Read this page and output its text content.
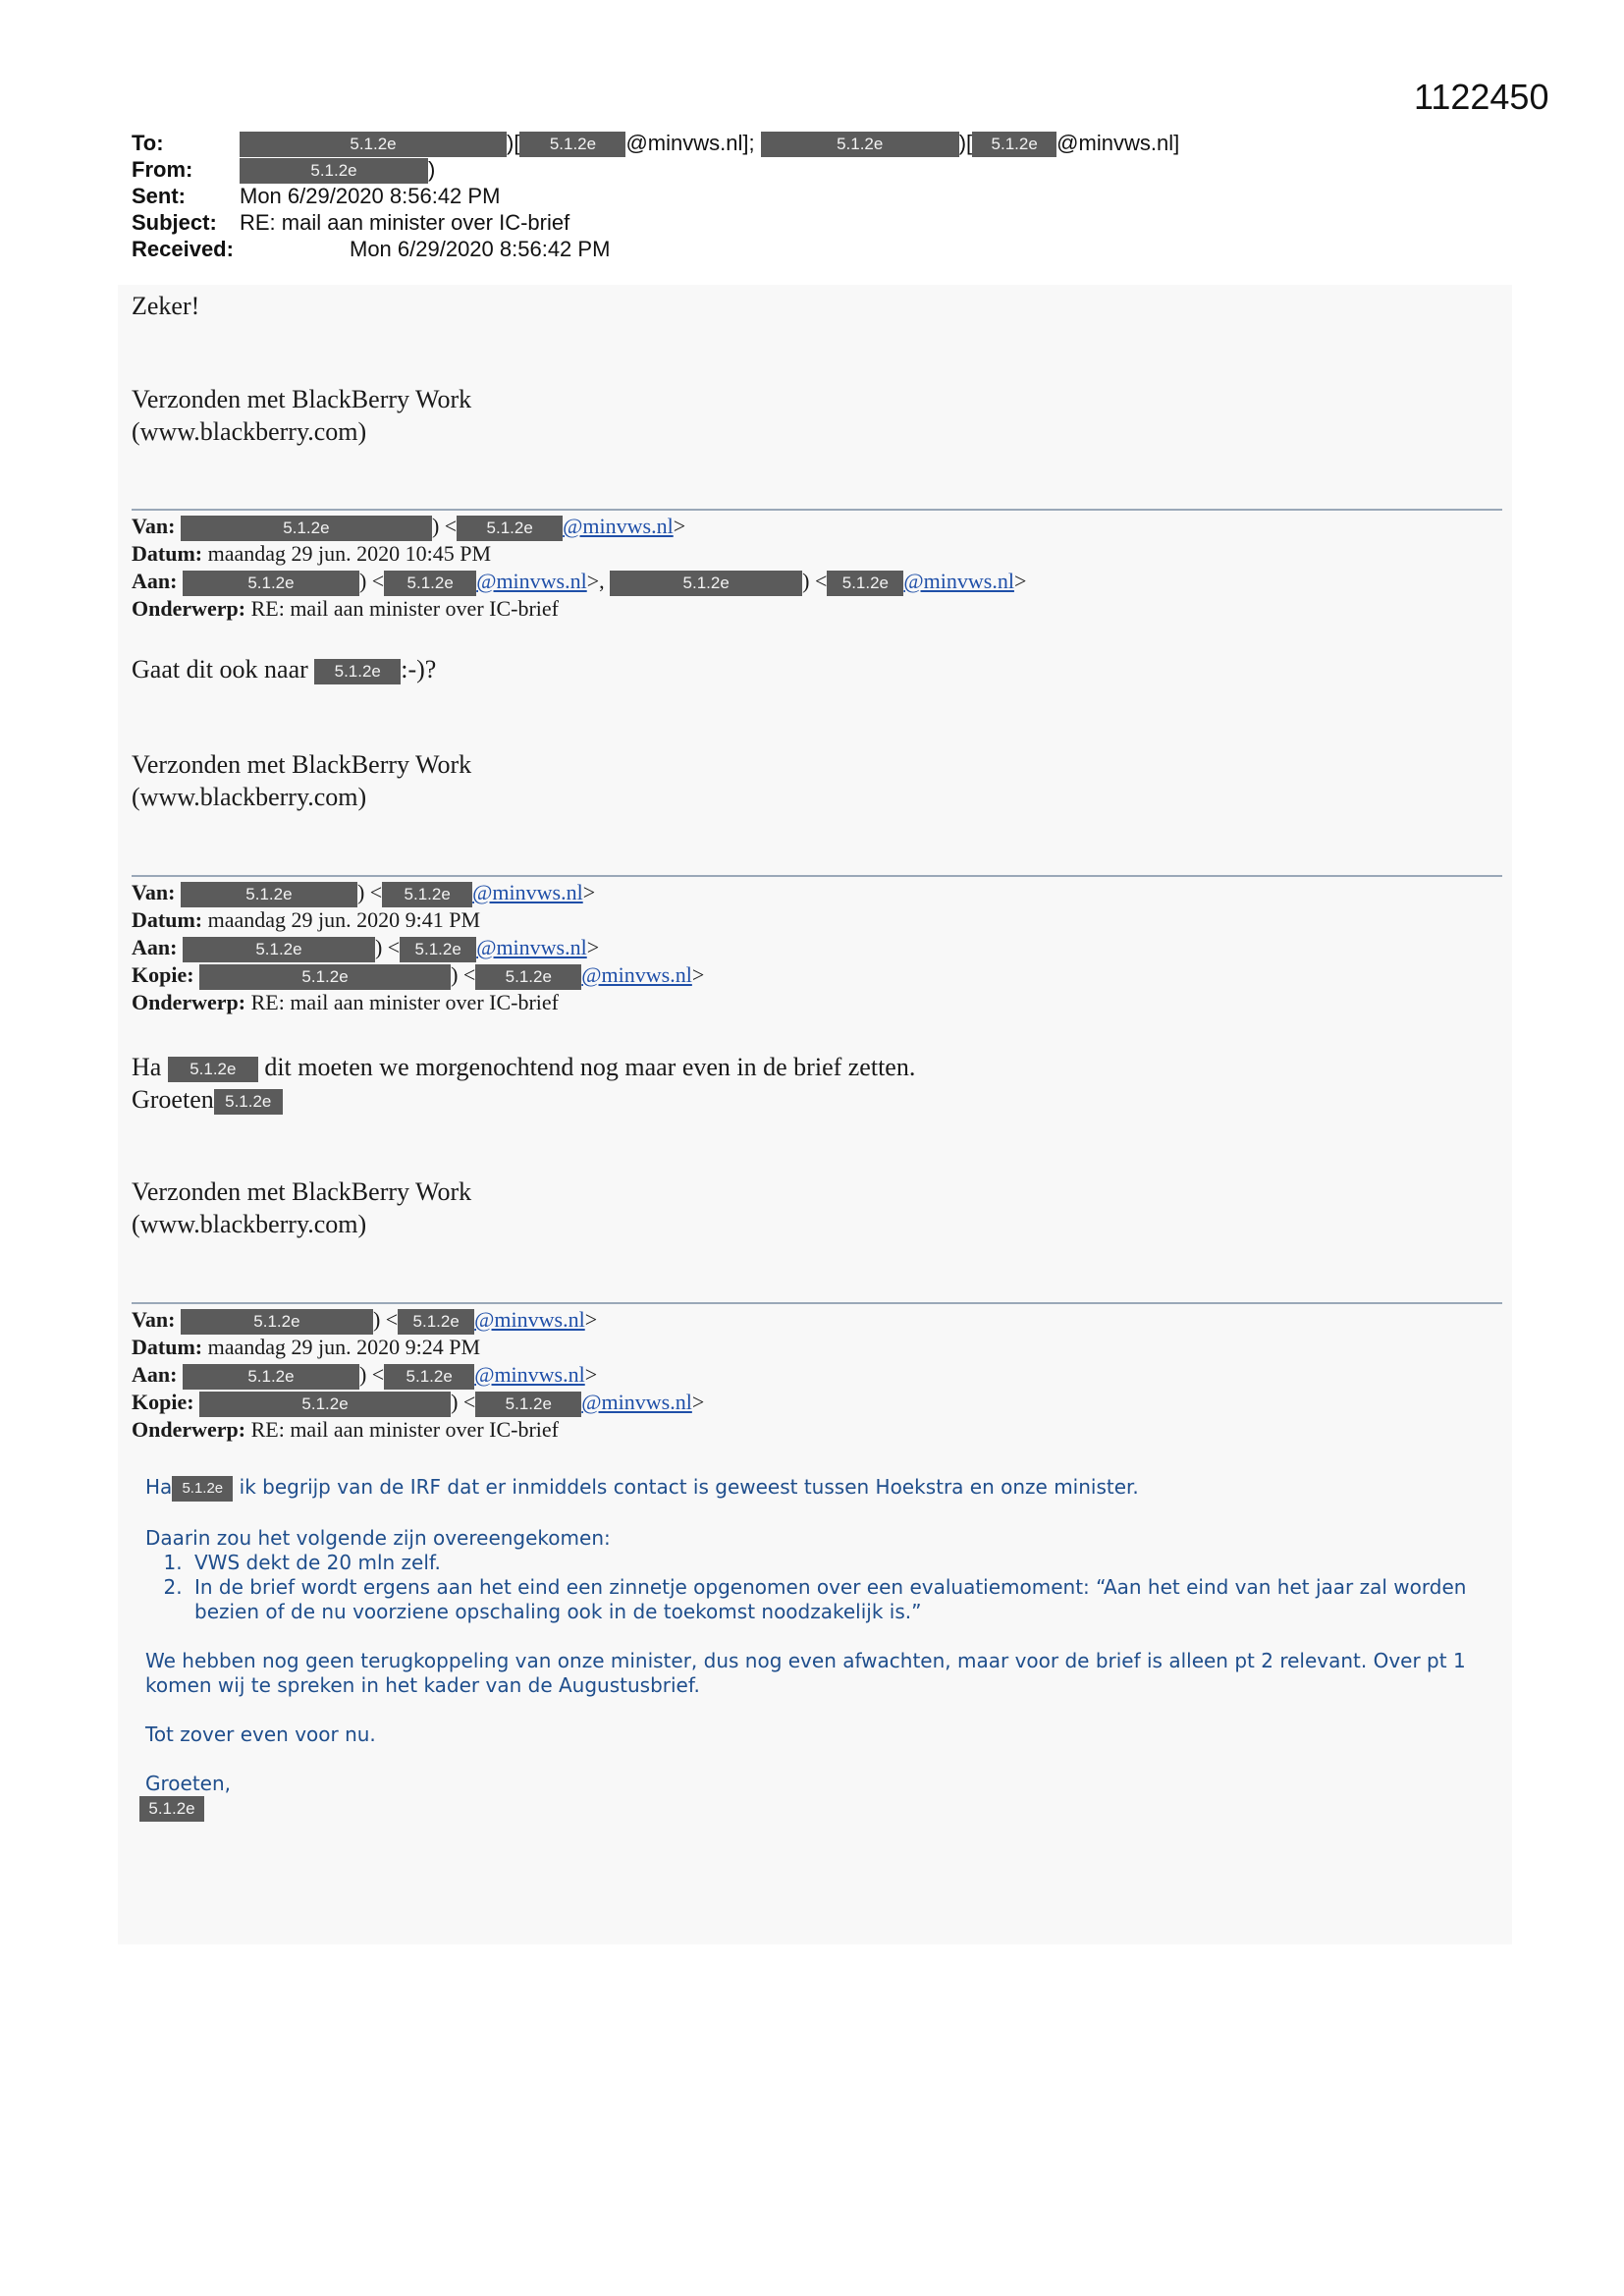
1122450
To:	5.1.2e	)[ 5.1.2e @minvws.nl];	5.1.2e	)[ 5.1.2e @minvws.nl]
From:	5.1.2e	)
Sent:	Mon 6/29/2020 8:56:42 PM
Subject: RE: mail aan minister over IC-brief
Received:	Mon 6/29/2020 8:56:42 PM
Zeker!
Verzonden met BlackBerry Work
(www.blackberry.com)
Van:	5.1.2e	) < 5.1.2e @minvws.nl>
Datum: maandag 29 jun. 2020 10:45 PM
Aan:	5.1.2e	) < 5.1.2e @minvws.nl>,	5.1.2e	) < 5.1.2e @minvws.nl>
Onderwerp: RE: mail aan minister over IC-brief
Gaat dit ook naar 5.1.2e :-)?
Verzonden met BlackBerry Work
(www.blackberry.com)
Van:	5.1.2e	) < 5.1.2e @minvws.nl>
Datum: maandag 29 jun. 2020 9:41 PM
Aan:	5.1.2e	) < 5.1.2e @minvws.nl>
Kopie:	5.1.2e	) < 5.1.2e @minvws.nl>
Onderwerp: RE: mail aan minister over IC-brief
Ha 5.1.2e dit moeten we morgenochtend nog maar even in de brief zetten.
Groeten 5.1.2e
Verzonden met BlackBerry Work
(www.blackberry.com)
Van:	5.1.2e	) < 5.1.2e @minvws.nl>
Datum: maandag 29 jun. 2020 9:24 PM
Aan:	5.1.2e	) < 5.1.2e @minvws.nl>
Kopie:	5.1.2e	) < 5.1.2e @minvws.nl>
Onderwerp: RE: mail aan minister over IC-brief

Ha 5.1.2e ik begrijp van de IRF dat er inmiddels contact is geweest tussen Hoekstra en onze minister.

Daarin zou het volgende zijn overeengekomen:

1. VWS dekt de 20 mln zelf.
2. In de brief wordt ergens aan het eind een zinnetje opgenomen over een evaluatiemoment: “Aan het eind van het jaar zal worden bezien of de nu voorziene opschaling ook in de toekomst noodzakelijk is.”

We hebben nog geen terugkoppeling van onze minister, dus nog even afwachten, maar voor de brief is alleen pt 2 relevant. Over pt 1 komen wij te spreken in het kader van de Augustusbrief.

Tot zover even voor nu.

Groeten,

5.1.2e
